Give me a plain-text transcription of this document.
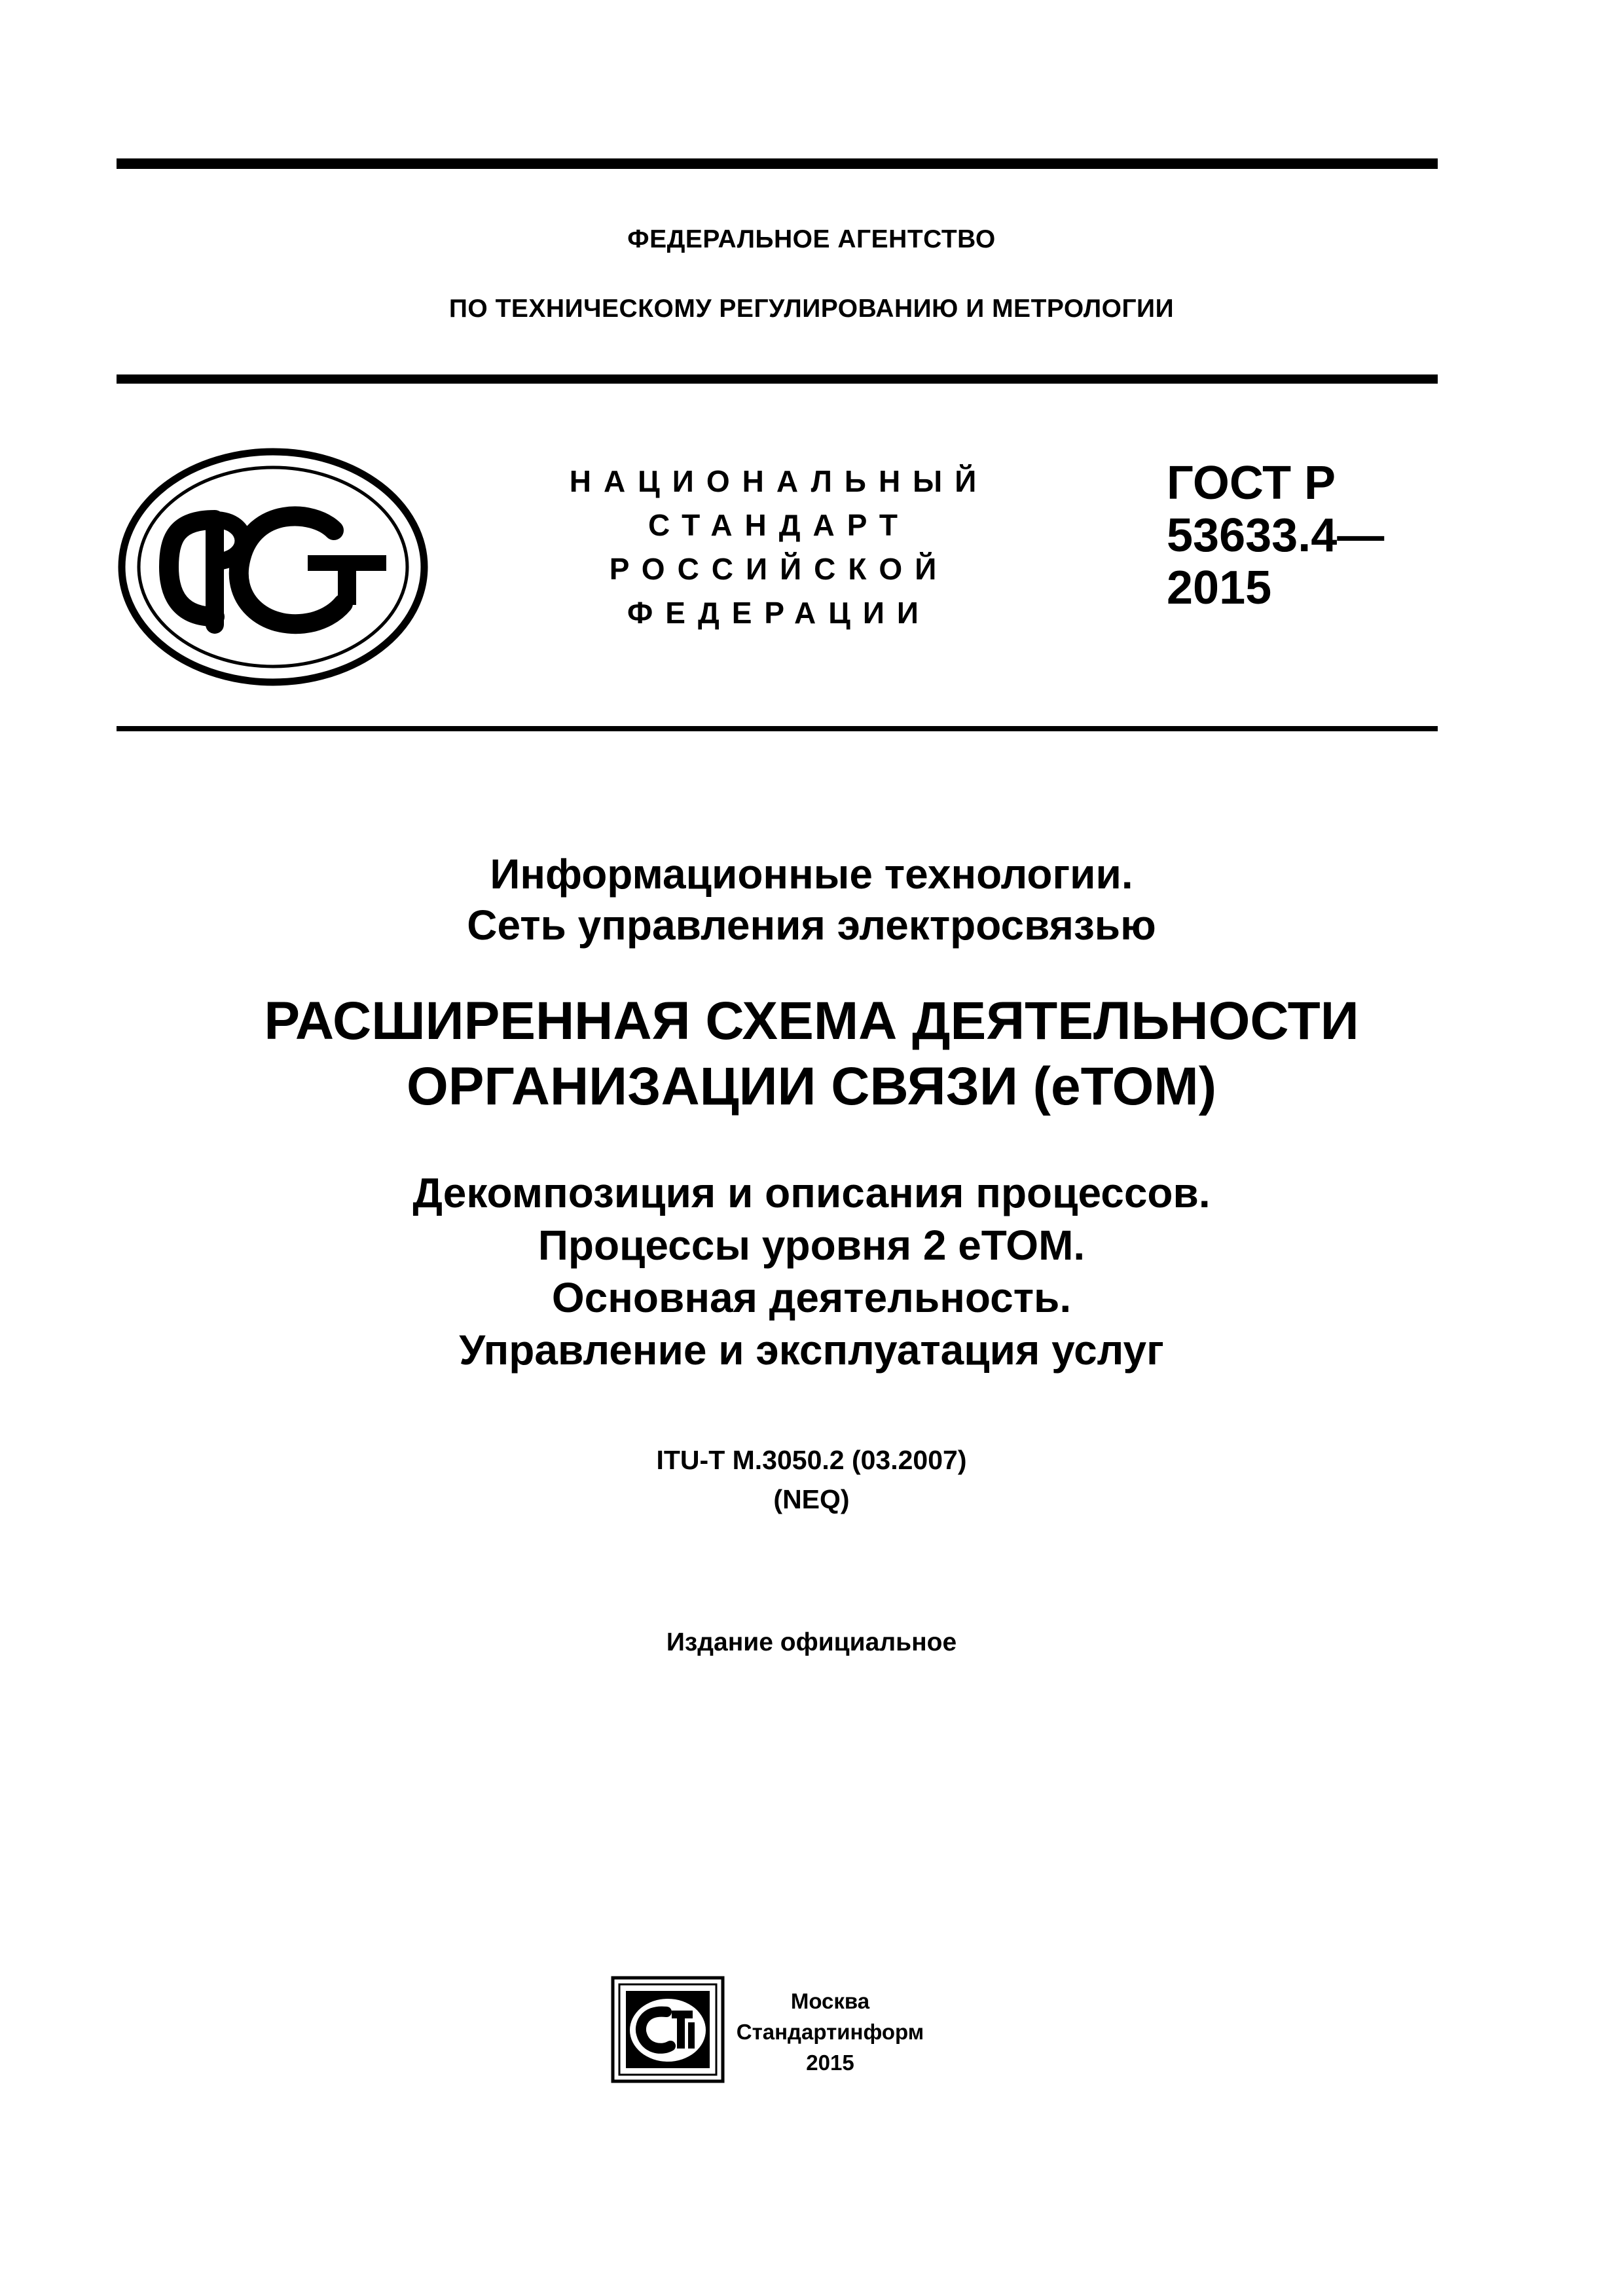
ФЕДЕРАЛЬНОЕ АГЕНТСТВО
ПО ТЕХНИЧЕСКОМУ РЕГУЛИРОВАНИЮ И МЕТРОЛОГИИ
НАЦИОНАЛЬНЫЙ
СТАНДАРТ
РОССИЙСКОЙ
ФЕДЕРАЦИИ
ГОСТ Р
53633.4—
2015
Информационные технологии.
Сеть управления электросвязью
РАСШИРЕННАЯ СХЕМА ДЕЯТЕЛЬНОСТИ
ОРГАНИЗАЦИИ СВЯЗИ (еТОМ)
Декомпозиция и описания процессов.
Процессы уровня 2 еТОМ.
Основная деятельность.
Управление и эксплуатация услуг
ITU-T M.3050.2 (03.2007)
(NEQ)
Издание официальное
Москва
Стандартинформ
2015
